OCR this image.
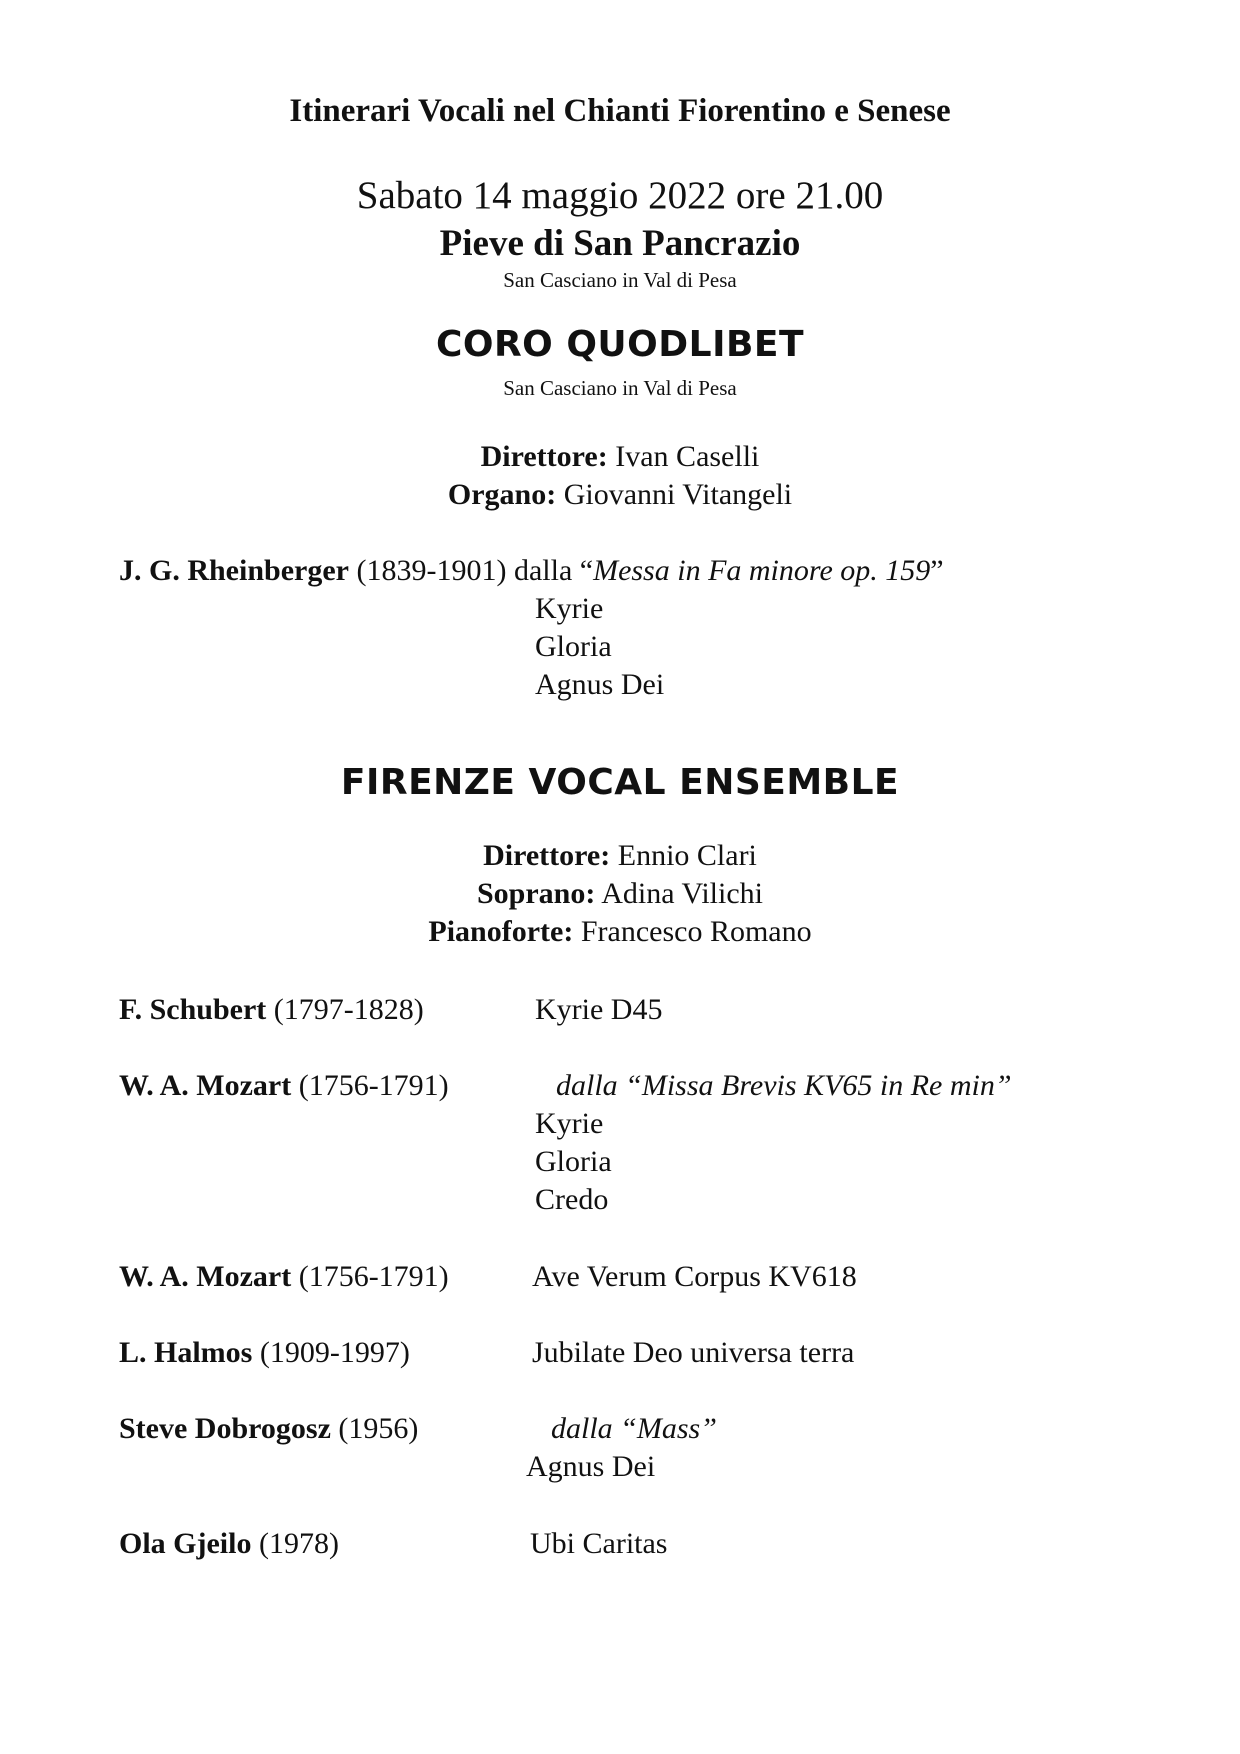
Itinerari Vocali nel Chianti Fiorentino e Senese
Sabato 14 maggio 2022 ore 21.00
Pieve di San Pancrazio
San Casciano in Val di Pesa
CORO QUODLIBET
San Casciano in Val di Pesa
Direttore: Ivan Caselli
Organo: Giovanni Vitangeli
J. G. Rheinberger (1839-1901) dalla “Messa in Fa minore op. 159”
Kyrie
Gloria
Agnus Dei
FIRENZE VOCAL ENSEMBLE
Direttore: Ennio Clari
Soprano: Adina Vilichi
Pianoforte: Francesco Romano
F. Schubert (1797-1828)	Kyrie D45
W. A. Mozart (1756-1791)	dalla “Missa Brevis KV65 in Re min”
Kyrie
Gloria
Credo
W. A. Mozart (1756-1791)	Ave Verum Corpus KV618
L. Halmos (1909-1997)	Jubilate Deo universa terra
Steve Dobrogosz (1956)	dalla “Mass”
Agnus Dei
Ola Gjeilo (1978)	Ubi Caritas
